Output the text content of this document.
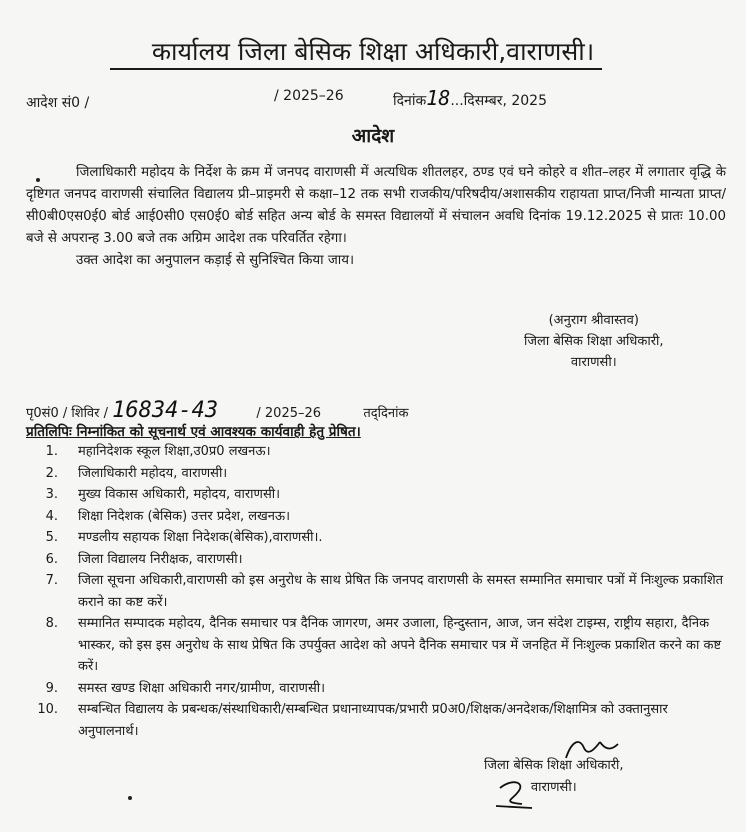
कार्यालय जिला बेसिक शिक्षा अधिकारी,वाराणसी।
आदेश सं0 /	/ 2025–26	दिनांक18...दिसम्बर, 2025
आदेश

जिलाधिकारी महोदय के निर्देश के क्रम में जनपद वाराणसी में अत्यधिक शीतलहर, ठण्ड एवं घने कोहरे व शीत–लहर में लगातार वृद्धि के दृष्टिगत जनपद वाराणसी संचालित विद्यालय प्री–प्राइमरी से कक्षा–12 तक सभी राजकीय/परिषदीय/अशासकीय राहायता प्राप्त/निजी मान्यता प्राप्त/सी0बी0एस0ई0 बोर्ड आई0सी0 एस0ई0 बोर्ड सहित अन्य बोर्ड के समस्त विद्यालयों में संचालन अवधि दिनांक 19.12.2025 से प्रातः 10.00 बजे से अपरान्ह 3.00 बजे तक अग्रिम आदेश तक परिवर्तित रहेगा।

उक्त आदेश का अनुपालन कड़ाई से सुनिश्चित किया जाय।

(अनुराग श्रीवास्तव)
जिला बेसिक शिक्षा अधिकारी,
वाराणसी।
पृ0सं0 / शिविर / 16834-43	/ 2025–26	तद्‌दिनांक
प्रतिलिपिः निम्नांकित को सूचनार्थ एवं आवश्यक कार्यवाही हेतु प्रेषित।
1. महानिदेशक स्कूल शिक्षा,उ0प्र0 लखनऊ।
2. जिलाधिकारी महोदय, वाराणसी।
3. मुख्य विकास अधिकारी, महोदय, वाराणसी।
4. शिक्षा निदेशक (बेसिक) उत्तर प्रदेश, लखनऊ।
5. मण्डलीय सहायक शिक्षा निदेशक(बेसिक),वाराणसी।.
6. जिला विद्यालय निरीक्षक, वाराणसी।
7. जिला सूचना अधिकारी,वाराणसी को इस अनुरोध के साथ प्रेषित कि जनपद वाराणसी के समस्त सम्मानित समाचार पत्रों में निःशुल्क प्रकाशित कराने का कष्ट करें।
8. सम्मानित सम्पादक महोदय, दैनिक समाचार पत्र दैनिक जागरण, अमर उजाला, हिन्दुस्तान, आज, जन संदेश टाइम्स, राष्ट्रीय सहारा, दैनिक भास्कर, को इस इस अनुरोध के साथ प्रेषित कि उपर्युक्त आदेश को अपने दैनिक समाचार पत्र में जनहित में निःशुल्क प्रकाशित करने का कष्ट करें।
9. समस्त खण्ड शिक्षा अधिकारी नगर/ग्रामीण, वाराणसी।
10. सम्बन्धित विद्यालय के प्रबन्धक/संस्थाधिकारी/सम्बन्धित प्रधानाध्यापक/प्रभारी प्र0अ0/शिक्षक/अनदेशक/शिक्षामित्र को उक्तानुसार अनुपालनार्थ।
जिला बेसिक शिक्षा अधिकारी,
वाराणसी।
